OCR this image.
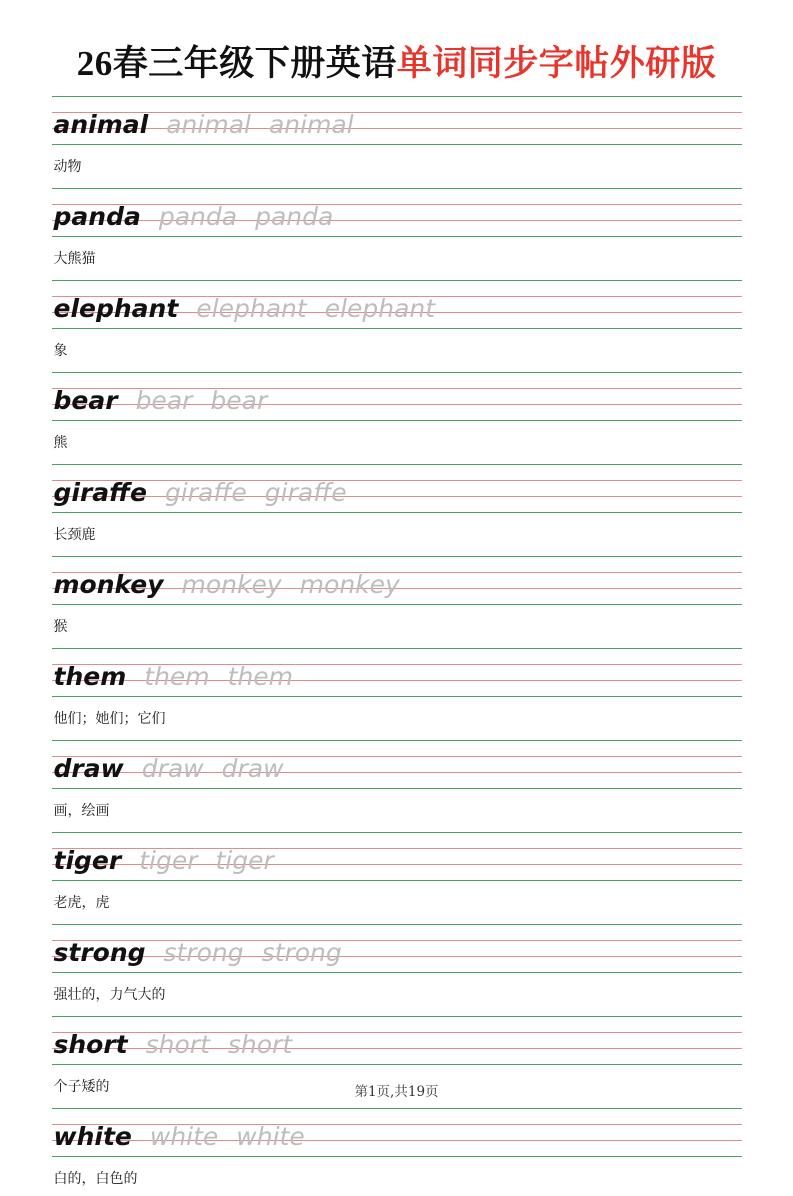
26春三年级下册英语单词同步字帖外研版
animal animal animal
动物
panda panda panda
大熊猫
elephant elephant elephant
象
bear bear bear
熊
giraffe giraffe giraffe
长颈鹿
monkey monkey monkey
猴
them them them
他们；她们；它们
draw draw draw
画，绘画
tiger tiger tiger
老虎，虎
strong strong strong
强壮的，力气大的
short short short
个子矮的
white white white
白的，白色的
第1页,共19页
